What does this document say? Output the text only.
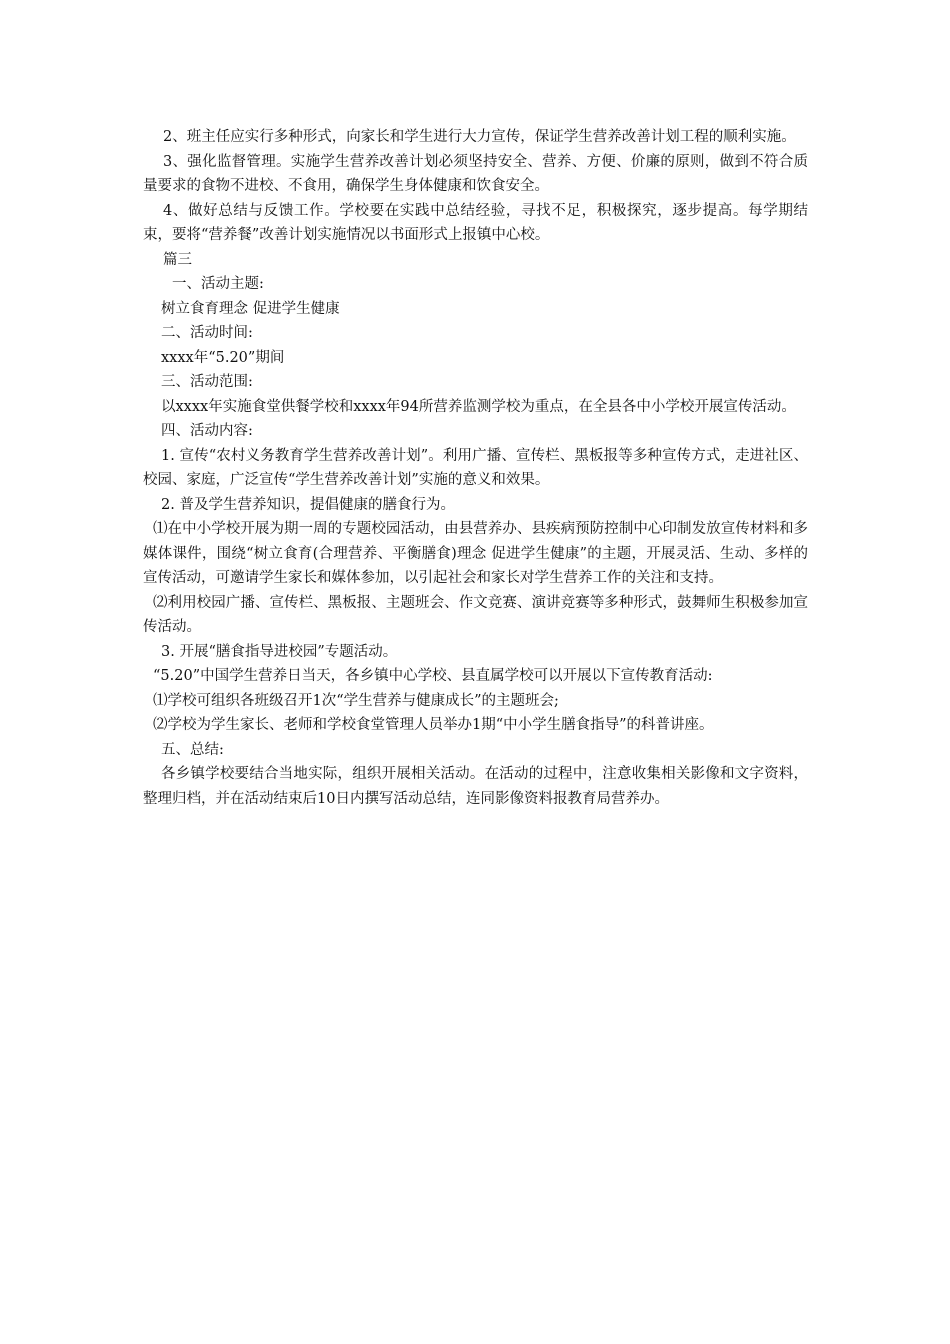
2、班主任应实行多种形式，向家长和学生进行大力宣传，保证学生营养改善计划工程的顺利实施。

3、强化监督管理。实施学生营养改善计划必须坚持安全、营养、方便、价廉的原则，做到不符合质量要求的食物不进校、不食用，确保学生身体健康和饮食安全。

4、做好总结与反馈工作。学校要在实践中总结经验，寻找不足，积极探究，逐步提高。每学期结束，要将“营养餐”改善计划实施情况以书面形式上报镇中心校。

篇三

一、活动主题:

树立食育理念 促进学生健康

二、活动时间:

xxxx年“5.20”期间

三、活动范围:

以xxxx年实施食堂供餐学校和xxxx年94所营养监测学校为重点，在全县各中小学校开展宣传活动。

四、活动内容:

1. 宣传“农村义务教育学生营养改善计划”。利用广播、宣传栏、黑板报等多种宣传方式，走进社区、校园、家庭，广泛宣传“学生营养改善计划”实施的意义和效果。

2. 普及学生营养知识，提倡健康的膳食行为。

⑴在中小学校开展为期一周的专题校园活动，由县营养办、县疾病预防控制中心印制发放宣传材料和多媒体课件，围绕“树立食育(合理营养、平衡膳食)理念 促进学生健康”的主题，开展灵活、生动、多样的宣传活动，可邀请学生家长和媒体参加，以引起社会和家长对学生营养工作的关注和支持。

⑵利用校园广播、宣传栏、黑板报、主题班会、作文竞赛、演讲竞赛等多种形式，鼓舞师生积极参加宣传活动。

3. 开展“膳食指导进校园”专题活动。

“5.20”中国学生营养日当天，各乡镇中心学校、县直属学校可以开展以下宣传教育活动:

⑴学校可组织各班级召开1次“学生营养与健康成长”的主题班会;

⑵学校为学生家长、老师和学校食堂管理人员举办1期“中小学生膳食指导”的科普讲座。

五、总结:

各乡镇学校要结合当地实际，组织开展相关活动。在活动的过程中，注意收集相关影像和文字资料，整理归档，并在活动结束后10日内撰写活动总结，连同影像资料报教育局营养办。
